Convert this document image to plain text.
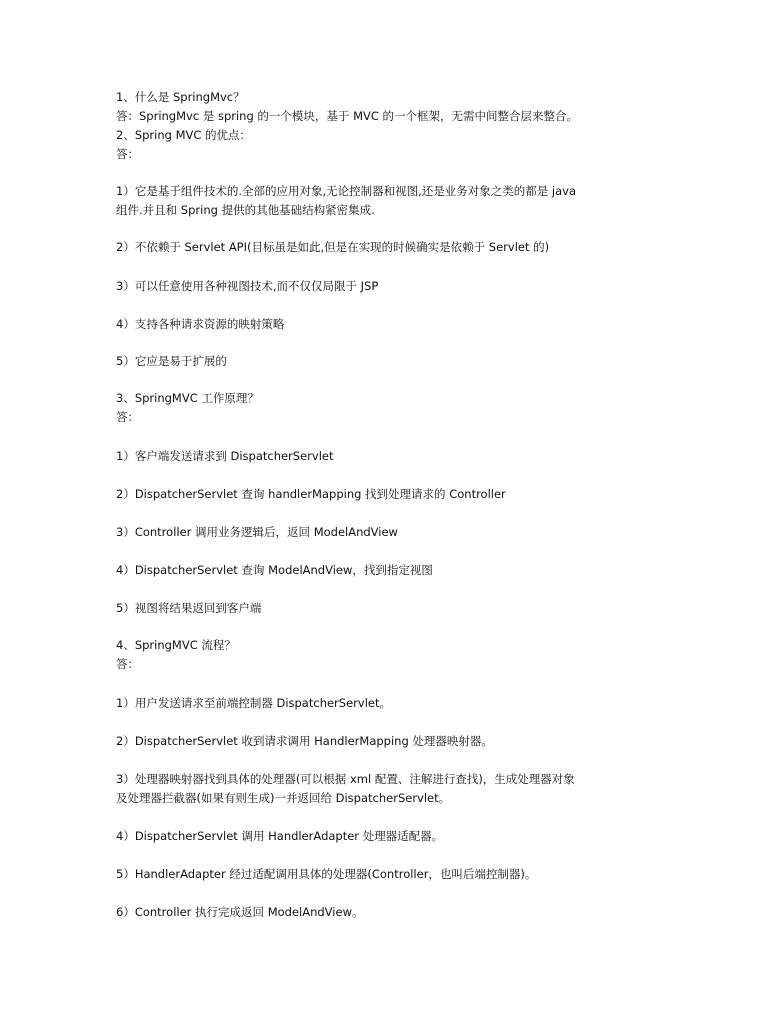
1、什么是 SpringMvc？

答：SpringMvc 是 spring 的一个模块，基于 MVC 的一个框架，无需中间整合层来整合。

2、Spring MVC 的优点：

答：

1）它是基于组件技术的.全部的应用对象,无论控制器和视图,还是业务对象之类的都是 java

组件.并且和 Spring 提供的其他基础结构紧密集成.

2）不依赖于 Servlet API(目标虽是如此,但是在实现的时候确实是依赖于 Servlet 的)

3）可以任意使用各种视图技术,而不仅仅局限于 JSP

4）支持各种请求资源的映射策略

5）它应是易于扩展的

3、SpringMVC 工作原理？

答：

1）客户端发送请求到 DispatcherServlet

2）DispatcherServlet 查询 handlerMapping 找到处理请求的 Controller

3）Controller 调用业务逻辑后，返回 ModelAndView

4）DispatcherServlet 查询 ModelAndView，找到指定视图

5）视图将结果返回到客户端

4、SpringMVC 流程？

答：

1）用户发送请求至前端控制器 DispatcherServlet。

2）DispatcherServlet 收到请求调用 HandlerMapping 处理器映射器。

3）处理器映射器找到具体的处理器(可以根据 xml 配置、注解进行查找)，生成处理器对象

及处理器拦截器(如果有则生成)一并返回给 DispatcherServlet。

4）DispatcherServlet 调用 HandlerAdapter 处理器适配器。

5）HandlerAdapter 经过适配调用具体的处理器(Controller，也叫后端控制器)。

6）Controller 执行完成返回 ModelAndView。
